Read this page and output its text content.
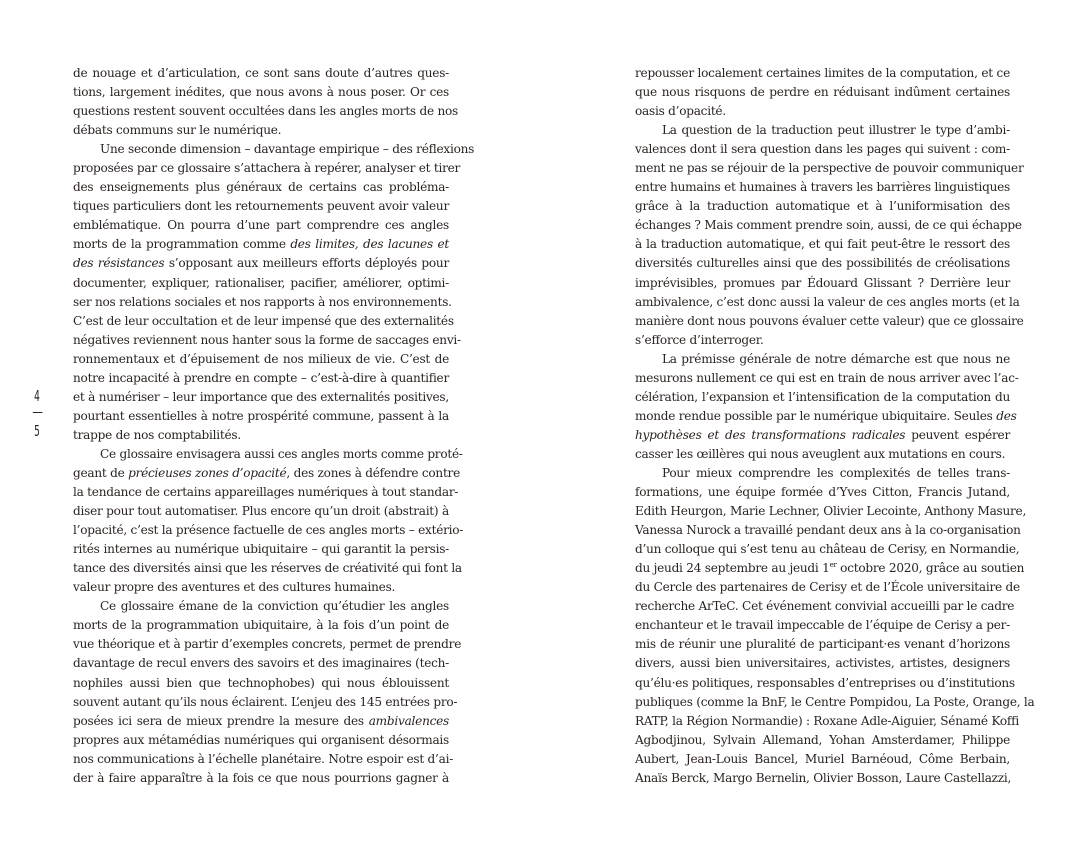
de nouage et d’articulation, ce sont sans doute d’autres ques-
tions, largement inédites, que nous avons à nous poser. Or ces
questions restent souvent occultées dans les angles morts de nos
débats communs sur le numérique.
Une seconde dimension – davantage empirique – des réflexions
proposées par ce glossaire s’attachera à repérer, analyser et tirer
des enseignements plus généraux de certains cas probléma-
tiques particuliers dont les retournements peuvent avoir valeur
emblématique. On pourra d’une part comprendre ces angles
morts de la programmation comme des limites, des lacunes et
des résistances s’opposant aux meilleurs efforts déployés pour
documenter, expliquer, rationaliser, pacifier, améliorer, optimi-
ser nos relations sociales et nos rapports à nos environnements.
C’est de leur occultation et de leur impensé que des externalités
négatives reviennent nous hanter sous la forme de saccages envi-
ronnementaux et d’épuisement de nos milieux de vie. C’est de
notre incapacité à prendre en compte – c’est-à-dire à quantifier
et à numériser – leur importance que des externalités positives,
pourtant essentielles à notre prospérité commune, passent à la
trappe de nos comptabilités.
Ce glossaire envisagera aussi ces angles morts comme proté-
geant de précieuses zones d’opacité, des zones à défendre contre
la tendance de certains appareillages numériques à tout standar-
diser pour tout automatiser. Plus encore qu’un droit (abstrait) à
l’opacité, c’est la présence factuelle de ces angles morts – extério-
rités internes au numérique ubiquitaire – qui garantit la persis-
tance des diversités ainsi que les réserves de créativité qui font la
valeur propre des aventures et des cultures humaines.
Ce glossaire émane de la conviction qu’étudier les angles
morts de la programmation ubiquitaire, à la fois d’un point de
vue théorique et à partir d’exemples concrets, permet de prendre
davantage de recul envers des savoirs et des imaginaires (tech-
nophiles aussi bien que technophobes) qui nous éblouissent
souvent autant qu’ils nous éclairent. L’enjeu des 145 entrées pro-
posées ici sera de mieux prendre la mesure des ambivalences
propres aux métamédias numériques qui organisent désormais
nos communications à l’échelle planétaire. Notre espoir est d’ai-
der à faire apparaître à la fois ce que nous pourrions gagner à
4
5
repousser localement certaines limites de la computation, et ce
que nous risquons de perdre en réduisant indûment certaines
oasis d’opacité.
La question de la traduction peut illustrer le type d’ambi-
valences dont il sera question dans les pages qui suivent : com-
ment ne pas se réjouir de la perspective de pouvoir communiquer
entre humains et humaines à travers les barrières linguistiques
grâce à la traduction automatique et à l’uniformisation des
échanges ? Mais comment prendre soin, aussi, de ce qui échappe
à la traduction automatique, et qui fait peut-être le ressort des
diversités culturelles ainsi que des possibilités de créolisations
imprévisibles, promues par Édouard Glissant ? Derrière leur
ambivalence, c’est donc aussi la valeur de ces angles morts (et la
manière dont nous pouvons évaluer cette valeur) que ce glossaire
s’efforce d’interroger.
La prémisse générale de notre démarche est que nous ne
mesurons nullement ce qui est en train de nous arriver avec l’ac-
célération, l’expansion et l’intensification de la computation du
monde rendue possible par le numérique ubiquitaire. Seules des
hypothèses et des transformations radicales peuvent espérer
casser les œillères qui nous aveuglent aux mutations en cours.
Pour mieux comprendre les complexités de telles trans-
formations, une équipe formée d’Yves Citton, Francis Jutand,
Edith Heurgon, Marie Lechner, Olivier Lecointe, Anthony Masure,
Vanessa Nurock a travaillé pendant deux ans à la co-organisation
d’un colloque qui s’est tenu au château de Cerisy, en Normandie,
du jeudi 24 septembre au jeudi 1er octobre 2020, grâce au soutien
du Cercle des partenaires de Cerisy et de l’École universitaire de
recherche ArTeC. Cet événement convivial accueilli par le cadre
enchanteur et le travail impeccable de l’équipe de Cerisy a per-
mis de réunir une pluralité de participant·es venant d’horizons
divers, aussi bien universitaires, activistes, artistes, designers
qu’élu·es politiques, responsables d’entreprises ou d’institutions
publiques (comme la BnF, le Centre Pompidou, La Poste, Orange, la
RATP, la Région Normandie) : Roxane Adle-Aiguier, Sénamé Koffi
Agbodjinou, Sylvain Allemand, Yohan Amsterdamer, Philippe
Aubert, Jean-Louis Bancel, Muriel Barnéoud, Côme Berbain,
Anaïs Berck, Margo Bernelin, Olivier Bosson, Laure Castellazzi,
